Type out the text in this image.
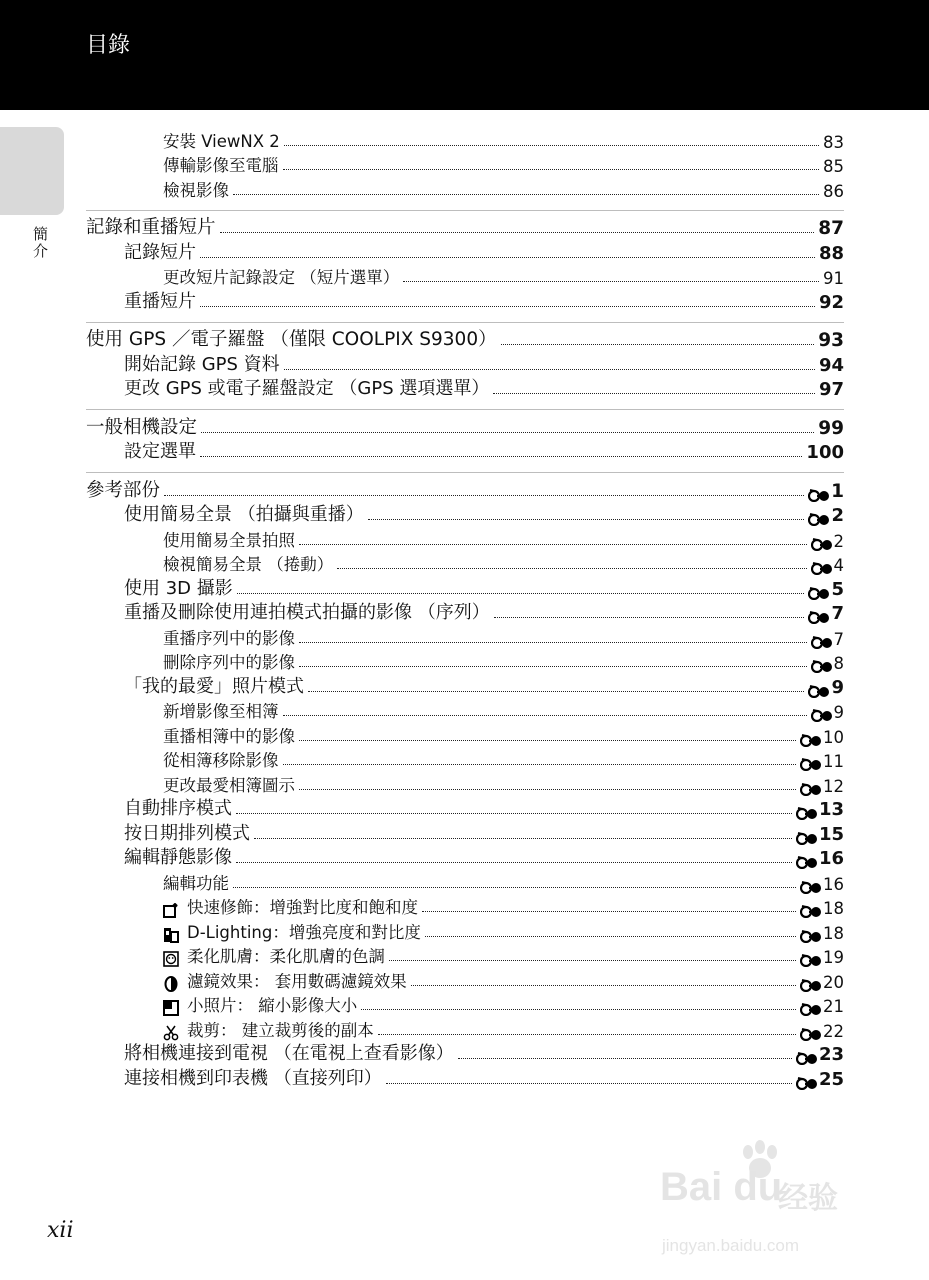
目錄
簡介
安裝 ViewNX 2	83
傳輸影像至電腦	85
檢視影像	86
記錄和重播短片	87
記錄短片	88
更改短片記錄設定 （短片選單）	91
重播短片	92
使用 GPS ／電子羅盤 （僅限 COOLPIX S9300）	93
開始記錄 GPS 資料	94
更改 GPS 或電子羅盤設定 （GPS 選項選單）	97
一般相機設定	99
設定選單	100
參考部份	1
使用簡易全景 （拍攝與重播）	2
使用簡易全景拍照	2
檢視簡易全景 （捲動）	4
使用 3D 攝影	5
重播及刪除使用連拍模式拍攝的影像 （序列）	7
重播序列中的影像	7
刪除序列中的影像	8
「我的最愛」照片模式	9
新增影像至相簿	9
重播相簿中的影像	10
從相簿移除影像	11
更改最愛相簿圖示	12
自動排序模式	13
按日期排列模式	15
編輯靜態影像	16
編輯功能	16
快速修飾：增強對比度和飽和度	18
D-Lighting：增強亮度和對比度	18
柔化肌膚：柔化肌膚的色調	19
濾鏡效果： 套用數碼濾鏡效果	20
小照片： 縮小影像大小	21
裁剪： 建立裁剪後的副本	22
將相機連接到電視 （在電視上查看影像）	23
連接相機到印表機 （直接列印）	25
xii
Bai du
经验
jingyan.baidu.com
